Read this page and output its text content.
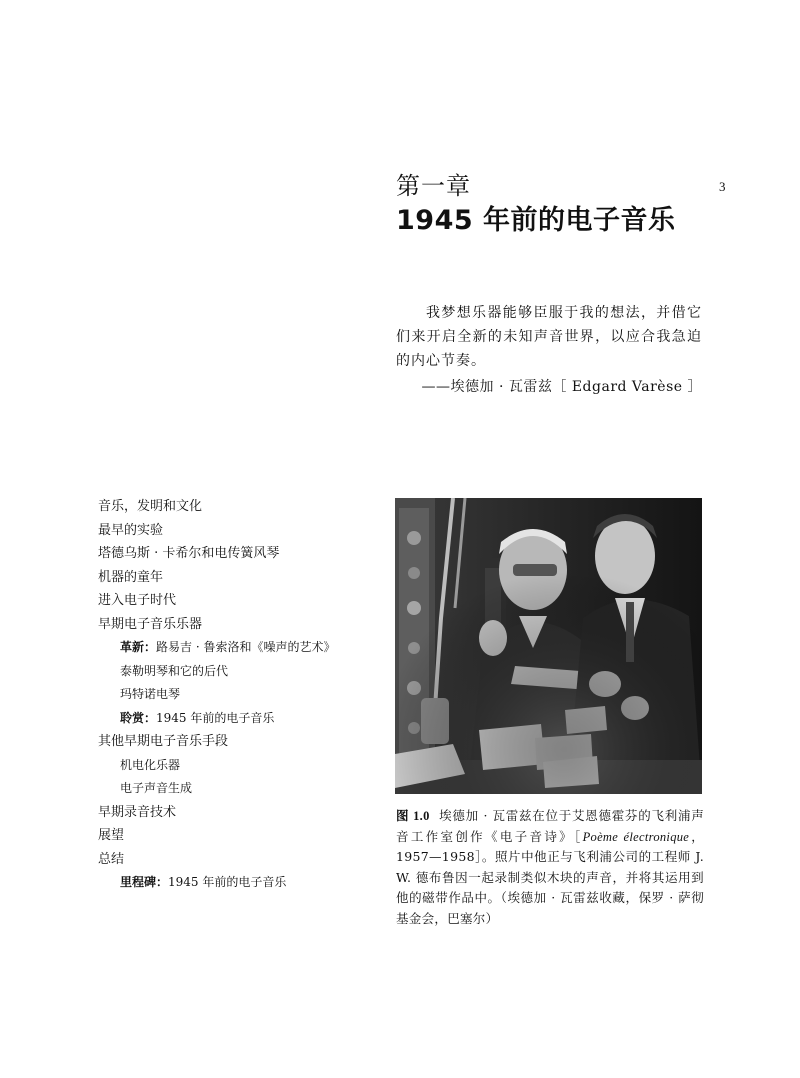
3
第一章
1945 年前的电子音乐

我梦想乐器能够臣服于我的想法，并借它们来开启全新的未知声音世界，以应合我急迫的内心节奏。

——埃德加 · 瓦雷兹［ Edgard Varèse ］

音乐，发明和文化
最早的实验
塔德乌斯 · 卡希尔和电传簧风琴
机器的童年
进入电子时代
早期电子音乐乐器
革新：路易吉 · 鲁索洛和《噪声的艺术》
泰勒明琴和它的后代
玛特诺电琴
聆赏：1945 年前的电子音乐
其他早期电子音乐手段
机电化乐器
电子声音生成
早期录音技术
展望
总结
里程碑：1945 年前的电子音乐
图 1.0 埃德加 · 瓦雷兹在位于艾恩德霍芬的飞利浦声音工作室创作《电子音诗》［Poème électronique，1957—1958］。照片中他正与飞利浦公司的工程师 J. W. 德布鲁因一起录制类似木块的声音，并将其运用到他的磁带作品中。（埃德加 · 瓦雷兹收藏，保罗 · 萨彻基金会，巴塞尔）
